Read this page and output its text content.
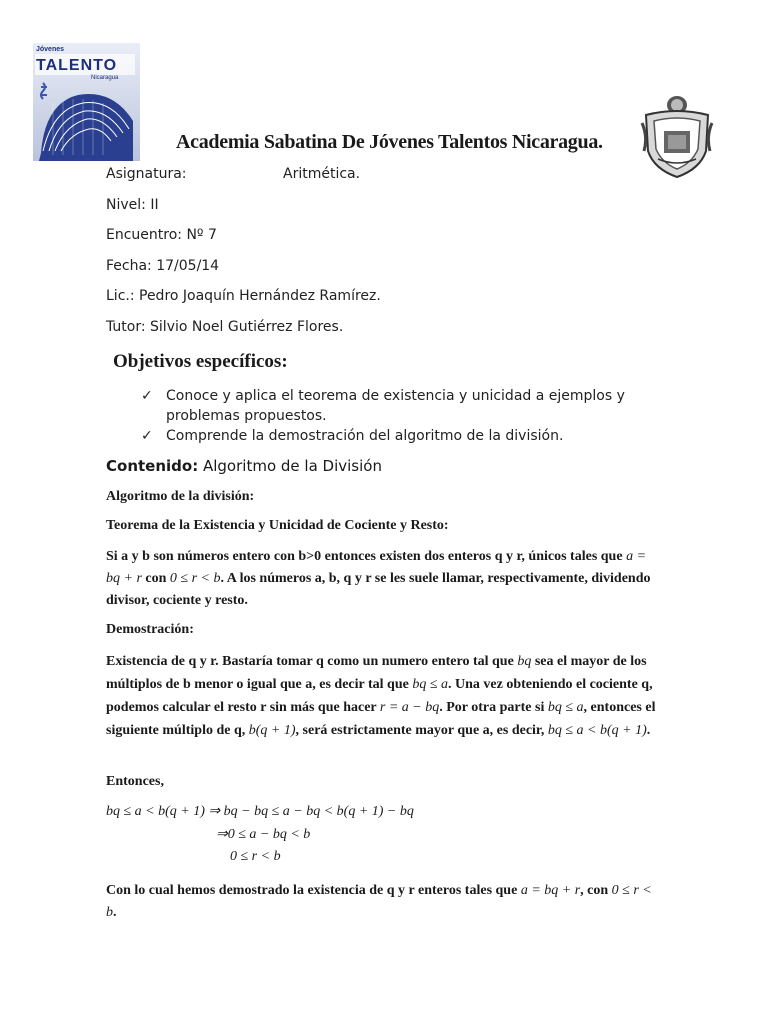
Jóvenes
TALENTO
Nicaragua
Academia Sabatina De Jóvenes Talentos Nicaragua.
Asignatura:	Aritmética.
Nivel: II
Encuentro: Nº 7
Fecha: 17/05/14
Lic.: Pedro Joaquín Hernández Ramírez.
Tutor: Silvio Noel Gutiérrez Flores.
Objetivos específicos:
✓ Conoce y aplica el teorema de existencia y unicidad a ejemplos y problemas propuestos.
✓ Comprende la demostración del algoritmo de la división.
Contenido: Algoritmo de la División
Algoritmo de la división:
Teorema de la Existencia y Unicidad de Cociente y Resto:
Si a y b son números entero con b>0 entonces existen dos enteros q y r, únicos tales que a = bq + r con 0 ≤ r < b. A los números a, b, q y r se les suele llamar, respectivamente, dividendo divisor, cociente y resto.
Demostración:
Existencia de q y r. Bastaría tomar q como un numero entero tal que bq sea el mayor de los múltiplos de b menor o igual que a, es decir tal que bq ≤ a. Una vez obteniendo el cociente q, podemos calcular el resto r sin más que hacer r = a − bq. Por otra parte si bq ≤ a, entonces el siguiente múltiplo de q, b(q + 1), será estrictamente mayor que a, es decir, bq ≤ a < b(q + 1).
Entonces,
bq ≤ a < b(q + 1) ⇒ bq − bq ≤ a − bq < b(q + 1) − bq
⇒0 ≤ a − bq < b
0 ≤ r < b
Con lo cual hemos demostrado la existencia de q y r enteros tales que a = bq + r, con 0 ≤ r < b.
